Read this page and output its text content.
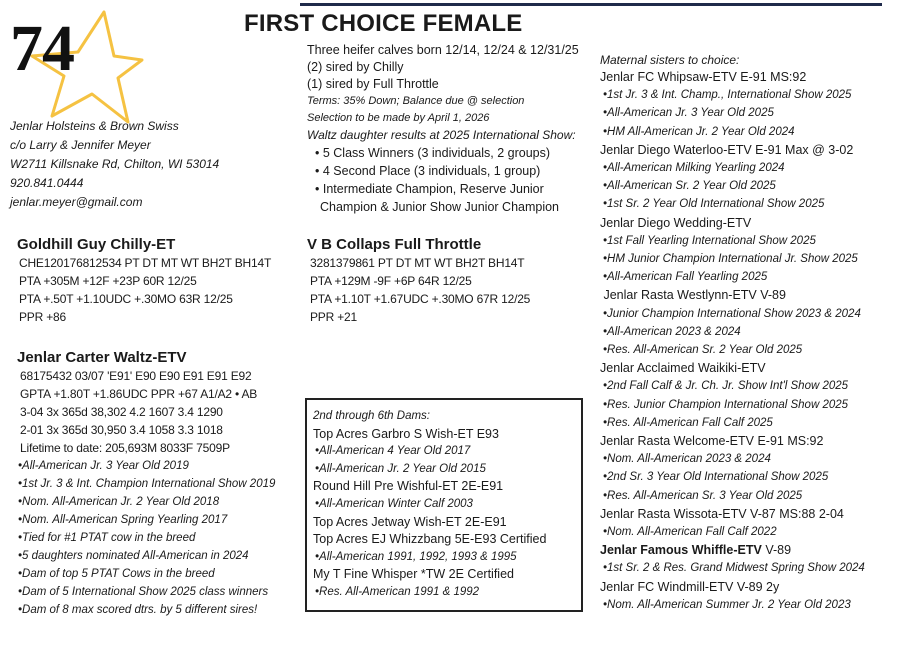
74	FIRST CHOICE FEMALE
Jenlar Holsteins & Brown Swiss
c/o Larry & Jennifer Meyer
W2711 Killsnake Rd, Chilton, WI 53014
920.841.0444
jenlar.meyer@gmail.com
Three heifer calves born 12/14, 12/24 & 12/31/25
(2) sired by Chilly
(1) sired by Full Throttle
Terms: 35% Down; Balance due @ selection
Selection to be made by April 1, 2026
Waltz daughter results at 2025 International Show:
• 5 Class Winners (3 individuals, 2 groups)
• 4 Second Place (3 individuals, 1 group)
• Intermediate Champion, Reserve Junior
Champion & Junior Show Junior Champion
Goldhill Guy Chilly-ET
CHE120176812534 PT DT MT WT BH2T BH14T
PTA +305M +12F +23P 60R 12/25
PTA +.50T +1.10UDC +.30MO 63R 12/25
PPR +86
V B Collaps Full Throttle
3281379861 PT DT MT WT BH2T BH14T
PTA +129M -9F +6P 64R 12/25
PTA +1.10T +1.67UDC +.30MO 67R 12/25
PPR +21
Jenlar Carter Waltz-ETV
68175432 03/07 'E91' E90 E90 E91 E91 E92
GPTA +1.80T +1.86UDC PPR +67 A1/A2 • AB
3-04 3x 365d 38,302 4.2 1607 3.4 1290
2-01 3x 365d 30,950 3.4 1058 3.3 1018
Lifetime to date: 205,693M 8033F 7509P
•All-American Jr. 3 Year Old 2019
•1st Jr. 3 & Int. Champion International Show 2019
•Nom. All-American Jr. 2 Year Old 2018
•Nom. All-American Spring Yearling 2017
•Tied for #1 PTAT cow in the breed
•5 daughters nominated All-American in 2024
•Dam of top 5 PTAT Cows in the breed
•Dam of 5 International Show 2025 class winners
•Dam of 8 max scored dtrs. by 5 different sires!
2nd through 6th Dams:
Top Acres Garbro S Wish-ET E93
•All-American 4 Year Old 2017
•All-American Jr. 2 Year Old 2015
Round Hill Pre Wishful-ET 2E-E91
•All-American Winter Calf 2003
Top Acres Jetway Wish-ET 2E-E91
Top Acres EJ Whizzbang 5E-E93 Certified
•All-American 1991, 1992, 1993 & 1995
My T Fine Whisper *TW 2E Certified
•Res. All-American 1991 & 1992
Maternal sisters to choice:
Jenlar FC Whipsaw-ETV E-91 MS:92
•1st Jr. 3 & Int. Champ., International Show 2025
•All-American Jr. 3 Year Old 2025
•HM All-American Jr. 2 Year Old 2024
Jenlar Diego Waterloo-ETV E-91 Max @ 3-02
•All-American Milking Yearling 2024
•All-American Sr. 2 Year Old 2025
•1st Sr. 2 Year Old International Show 2025
Jenlar Diego Wedding-ETV
•1st Fall Yearling International Show 2025
•HM Junior Champion International Jr. Show 2025
•All-American Fall Yearling 2025
Jenlar Rasta Westlynn-ETV V-89
•Junior Champion International Show 2023 & 2024
•All-American 2023 & 2024
•Res. All-American Sr. 2 Year Old 2025
Jenlar Acclaimed Waikiki-ETV
•2nd Fall Calf & Jr. Ch. Jr. Show Int'l Show 2025
•Res. Junior Champion International Show 2025
•Res. All-American Fall Calf 2025
Jenlar Rasta Welcome-ETV E-91 MS:92
•Nom. All-American 2023 & 2024
•2nd Sr. 3 Year Old International Show 2025
•Res. All-American Sr. 3 Year Old 2025
Jenlar Rasta Wissota-ETV V-87 MS:88 2-04
•Nom. All-American Fall Calf 2022
Jenlar Famous Whiffle-ETV V-89
•1st Sr. 2 & Res. Grand Midwest Spring Show 2024
Jenlar FC Windmill-ETV V-89 2y
•Nom. All-American Summer Jr. 2 Year Old 2023
